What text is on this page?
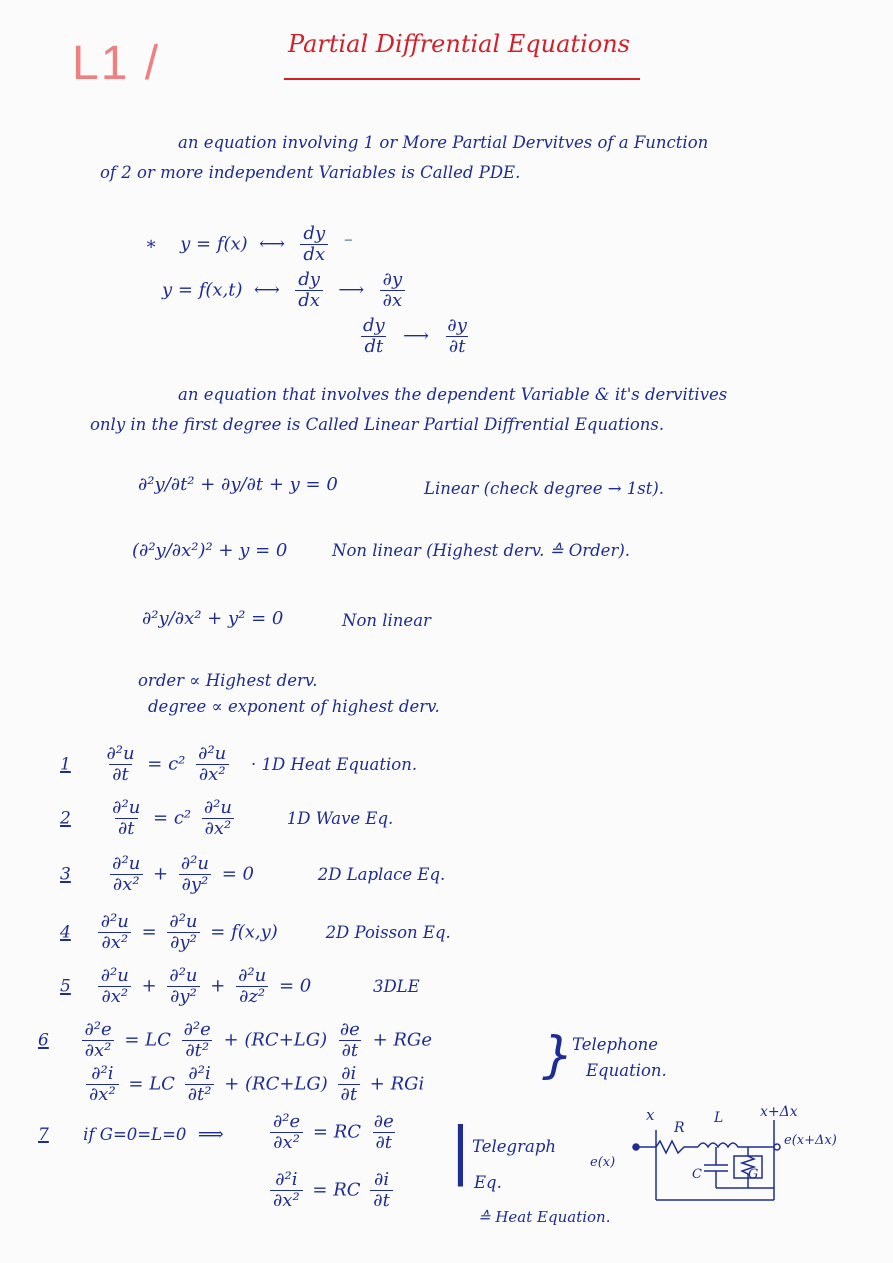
L1 /	Partial Diffrential Equations
an equation involving 1 or More Partial Dervitves of a Function
of 2 or more independent Variables is Called PDE.
∗    y = f(x)  ⟷ $\frac{dy}{dx}$ ⁻
y = f(x,t)  ⟷ $\frac{dy}{dx}$ ⟶ $\frac{\partial y}{\partial x}$
$\frac{dy}{dt}$ ⟶ $\frac{\partial y}{\partial t}$
an equation that involves the dependent Variable & it's dervitives
only in the first degree is Called Linear Partial Diffrential Equations.
∂²y/∂t² + ∂y/∂t + y = 0	Linear (check degree → 1st).
(∂²y/∂x²)² + y = 0	Non linear (Highest derv. ≙ Order).
∂²y/∂x² + y² = 0	Non linear
order ∝ Highest derv.
degree ∝ exponent of highest derv.
$1 \frac{\text{∂²u}}{\partial t} = c^2 \frac{\text{∂²u}}{\text{∂x²}} \cdot 1D$ Heat Equation.
$2 \frac{\text{∂²u}}{\partial t} = c^2 \frac{\text{∂²u}}{\text{∂x²}}$	1D Wave Eq.
$3 \frac{\text{∂²u}}{\text{∂x²}} + \frac{\text{∂²u}}{\text{∂y²}} = 0$	2D Laplace Eq.
$4 \frac{\text{∂²u}}{\text{∂x²}} = \frac{\text{∂²u}}{\text{∂y²}} = f(x,y)$	2D Poisson Eq.
$5 \frac{\text{∂²u}}{\text{∂x²}} + \frac{\text{∂²u}}{\text{∂y²}} + \frac{\text{∂²u}}{\text{∂z²}} = 0$	3DLE
$6 \frac{\text{∂²e}}{\text{∂x²}}$ = LC $\frac{\text{∂²e}}{\text{∂t²}} + (RC+LG) \frac{\partial e}{\partial t}$ + RGe
$\frac{\text{∂²i}}{\text{∂x²}}$ = LC $\frac{\text{∂²i}}{\text{∂t²}} + (RC+LG) \frac{\partial i}{\partial t}$ + RGi }
Telephone
Equation.
7 if G=0=L=0  ⟹	$\frac{\text{∂²e}}{\text{∂x²}}$ = RC $\frac{\partial e}{\partial t}$
$\frac{\text{∂²i}}{\text{∂x²}}$ = RC $\frac{\partial i}{\partial t}$
| Telegraph
Eq.
≙ Heat Equation.
x	x+Δx
R
L
e(x)
e(x+Δx)
C	G
